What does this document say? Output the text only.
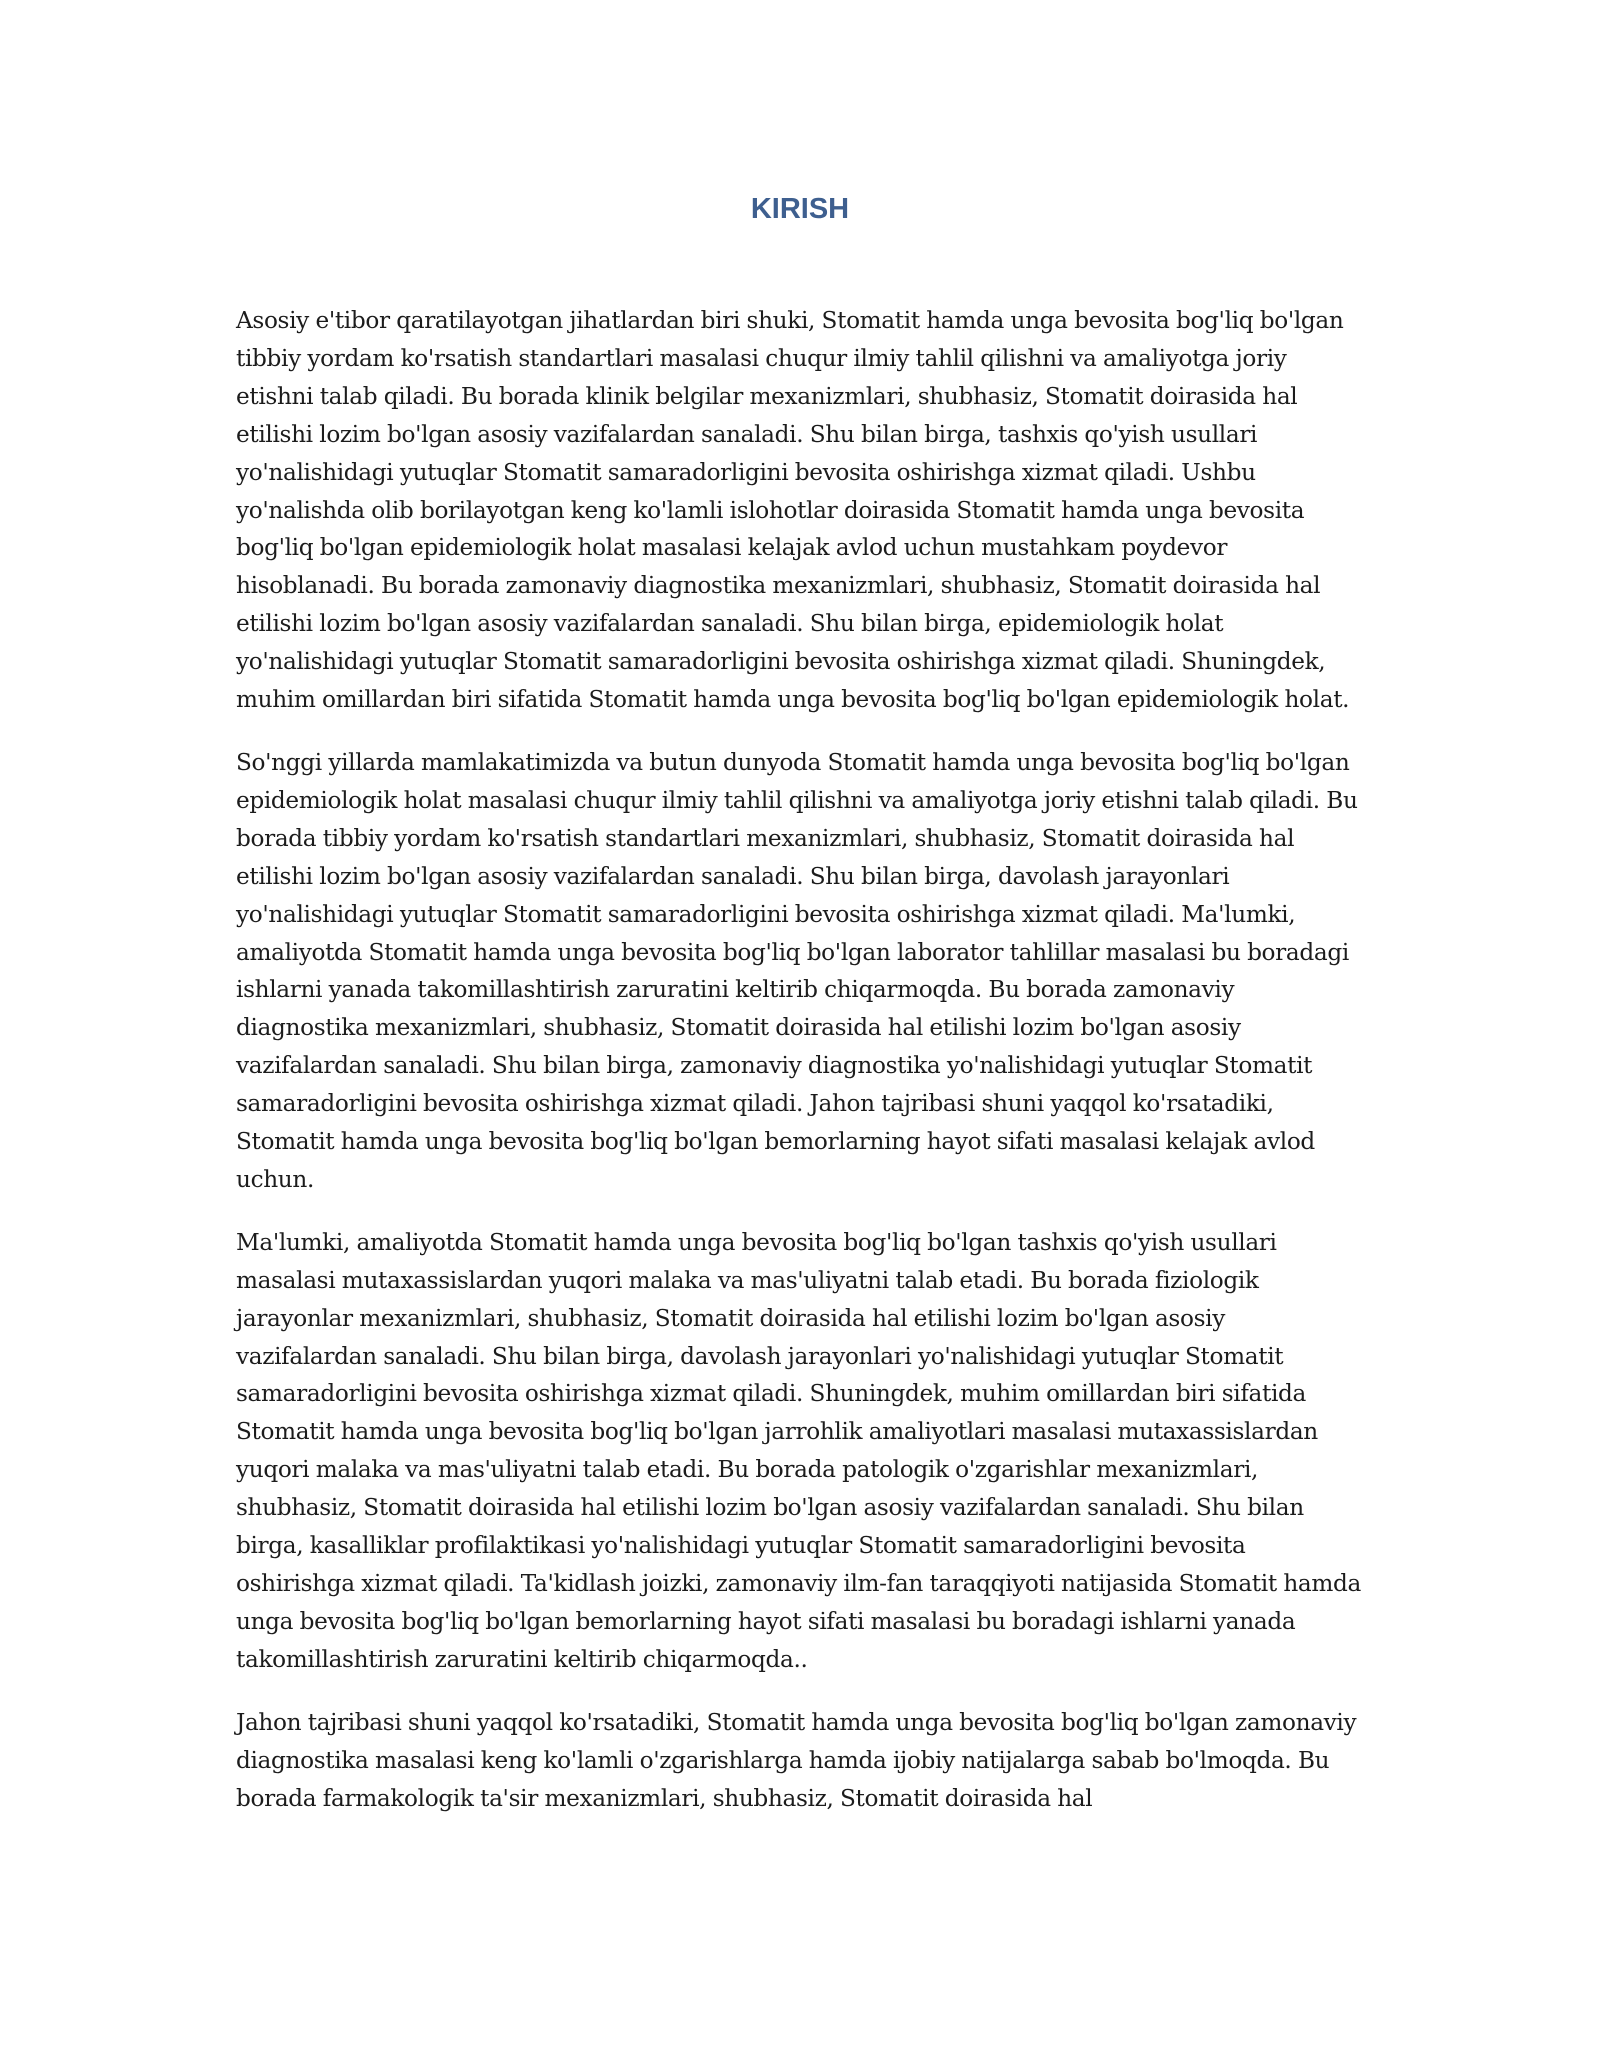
KIRISH

Asosiy e'tibor qaratilayotgan jihatlardan biri shuki, Stomatit hamda unga bevosita bog'liq bo'lgan tibbiy yordam ko'rsatish standartlari masalasi chuqur ilmiy tahlil qilishni va amaliyotga joriy etishni talab qiladi. Bu borada klinik belgilar mexanizmlari, shubhasiz, Stomatit doirasida hal etilishi lozim bo'lgan asosiy vazifalardan sanaladi. Shu bilan birga, tashxis qo'yish usullari yo'nalishidagi yutuqlar Stomatit samaradorligini bevosita oshirishga xizmat qiladi. Ushbu yo'nalishda olib borilayotgan keng ko'lamli islohotlar doirasida Stomatit hamda unga bevosita bog'liq bo'lgan epidemiologik holat masalasi kelajak avlod uchun mustahkam poydevor hisoblanadi. Bu borada zamonaviy diagnostika mexanizmlari, shubhasiz, Stomatit doirasida hal etilishi lozim bo'lgan asosiy vazifalardan sanaladi. Shu bilan birga, epidemiologik holat yo'nalishidagi yutuqlar Stomatit samaradorligini bevosita oshirishga xizmat qiladi. Shuningdek, muhim omillardan biri sifatida Stomatit hamda unga bevosita bog'liq bo'lgan epidemiologik holat.

So'nggi yillarda mamlakatimizda va butun dunyoda Stomatit hamda unga bevosita bog'liq bo'lgan epidemiologik holat masalasi chuqur ilmiy tahlil qilishni va amaliyotga joriy etishni talab qiladi. Bu borada tibbiy yordam ko'rsatish standartlari mexanizmlari, shubhasiz, Stomatit doirasida hal etilishi lozim bo'lgan asosiy vazifalardan sanaladi. Shu bilan birga, davolash jarayonlari yo'nalishidagi yutuqlar Stomatit samaradorligini bevosita oshirishga xizmat qiladi. Ma'lumki, amaliyotda Stomatit hamda unga bevosita bog'liq bo'lgan laborator tahlillar masalasi bu boradagi ishlarni yanada takomillashtirish zaruratini keltirib chiqarmoqda. Bu borada zamonaviy diagnostika mexanizmlari, shubhasiz, Stomatit doirasida hal etilishi lozim bo'lgan asosiy vazifalardan sanaladi. Shu bilan birga, zamonaviy diagnostika yo'nalishidagi yutuqlar Stomatit samaradorligini bevosita oshirishga xizmat qiladi. Jahon tajribasi shuni yaqqol ko'rsatadiki, Stomatit hamda unga bevosita bog'liq bo'lgan bemorlarning hayot sifati masalasi kelajak avlod uchun.

Ma'lumki, amaliyotda Stomatit hamda unga bevosita bog'liq bo'lgan tashxis qo'yish usullari masalasi mutaxassislardan yuqori malaka va mas'uliyatni talab etadi. Bu borada fiziologik jarayonlar mexanizmlari, shubhasiz, Stomatit doirasida hal etilishi lozim bo'lgan asosiy vazifalardan sanaladi. Shu bilan birga, davolash jarayonlari yo'nalishidagi yutuqlar Stomatit samaradorligini bevosita oshirishga xizmat qiladi. Shuningdek, muhim omillardan biri sifatida Stomatit hamda unga bevosita bog'liq bo'lgan jarrohlik amaliyotlari masalasi mutaxassislardan yuqori malaka va mas'uliyatni talab etadi. Bu borada patologik o'zgarishlar mexanizmlari, shubhasiz, Stomatit doirasida hal etilishi lozim bo'lgan asosiy vazifalardan sanaladi. Shu bilan birga, kasalliklar profilaktikasi yo'nalishidagi yutuqlar Stomatit samaradorligini bevosita oshirishga xizmat qiladi. Ta'kidlash joizki, zamonaviy ilm-fan taraqqiyoti natijasida Stomatit hamda unga bevosita bog'liq bo'lgan bemorlarning hayot sifati masalasi bu boradagi ishlarni yanada takomillashtirish zaruratini keltirib chiqarmoqda..

Jahon tajribasi shuni yaqqol ko'rsatadiki, Stomatit hamda unga bevosita bog'liq bo'lgan zamonaviy diagnostika masalasi keng ko'lamli o'zgarishlarga hamda ijobiy natijalarga sabab bo'lmoqda. Bu borada farmakologik ta'sir mexanizmlari, shubhasiz, Stomatit doirasida hal
